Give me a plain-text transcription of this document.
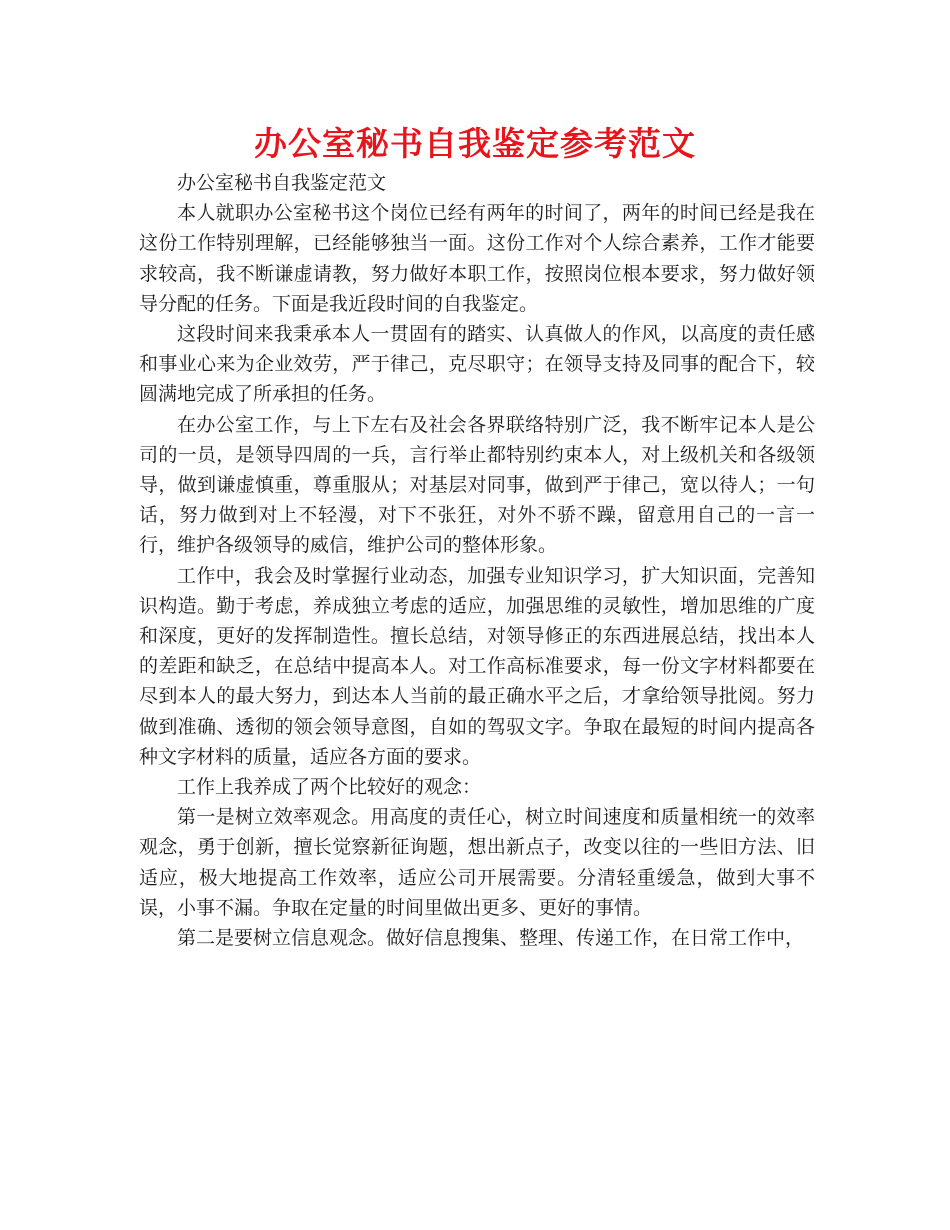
办公室秘书自我鉴定参考范文

办公室秘书自我鉴定范文

本人就职办公室秘书这个岗位已经有两年的时间了，两年的时间已经是我在这份工作特别理解，已经能够独当一面。这份工作对个人综合素养，工作才能要求较高，我不断谦虚请教，努力做好本职工作，按照岗位根本要求，努力做好领导分配的任务。下面是我近段时间的自我鉴定。

这段时间来我秉承本人一贯固有的踏实、认真做人的作风，以高度的责任感和事业心来为企业效劳，严于律己，克尽职守；在领导支持及同事的配合下，较圆满地完成了所承担的任务。

在办公室工作，与上下左右及社会各界联络特别广泛，我不断牢记本人是公司的一员，是领导四周的一兵，言行举止都特别约束本人，对上级机关和各级领导，做到谦虚慎重，尊重服从；对基层对同事，做到严于律己，宽以待人；一句话，努力做到对上不轻漫，对下不张狂，对外不骄不躁，留意用自己的一言一行，维护各级领导的威信，维护公司的整体形象。

工作中，我会及时掌握行业动态，加强专业知识学习，扩大知识面，完善知识构造。勤于考虑，养成独立考虑的适应，加强思维的灵敏性，增加思维的广度和深度，更好的发挥制造性。擅长总结，对领导修正的东西进展总结，找出本人的差距和缺乏，在总结中提高本人。对工作高标准要求，每一份文字材料都要在尽到本人的最大努力，到达本人当前的最正确水平之后，才拿给领导批阅。努力做到准确、透彻的领会领导意图，自如的驾驭文字。争取在最短的时间内提高各种文字材料的质量，适应各方面的要求。

工作上我养成了两个比较好的观念：

第一是树立效率观念。用高度的责任心，树立时间速度和质量相统一的效率观念，勇于创新，擅长觉察新征询题，想出新点子，改变以往的一些旧方法、旧适应，极大地提高工作效率，适应公司开展需要。分清轻重缓急，做到大事不误，小事不漏。争取在定量的时间里做出更多、更好的事情。

第二是要树立信息观念。做好信息搜集、整理、传递工作，在日常工作中，
